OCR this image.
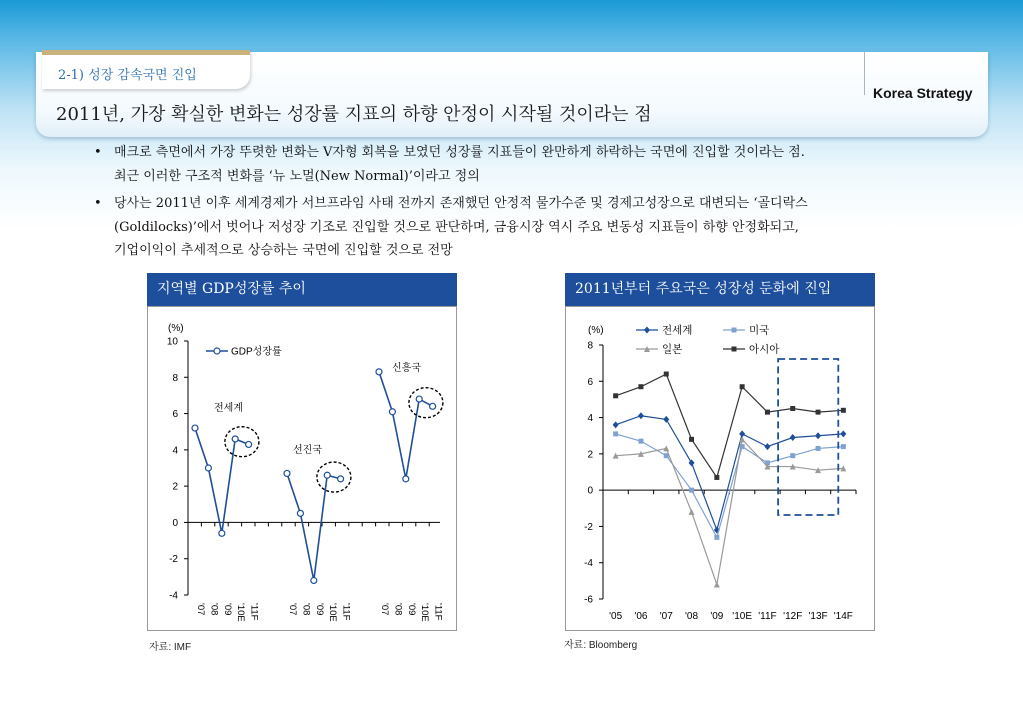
2-1) 성장 감속국면 진입
Korea Strategy
2011년, 가장 확실한 변화는 성장률 지표의 하향 안정이 시작될 것이라는 점
• 매크로 측면에서 가장 뚜렷한 변화는 V자형 회복을 보였던 성장률 지표들이 완만하게 하락하는 국면에 진입할 것이라는 점.
최근 이러한 구조적 변화를 ‘뉴 노멀(New Normal)’이라고 정의
• 당사는 2011년 이후 세계경제가 서브프라임 사태 전까지 존재했던 안정적 물가수준 및 경제고성장으로 대변되는 ‘골디락스
(Goldilocks)’에서 벗어나 저성장 기조로 진입할 것으로 판단하며, 금융시장 역시 주요 변동성 지표들이 하향 안정화되고,
기업이익이 추세적으로 상승하는 국면에 진입할 것으로 전망
지역별 GDP성장률 추이
(%)
10
8
6
4
2
0
-2
-4
GDP성장률
전세계
'07 '08 '09 '10E '11F
선진국
'07 '08 '09 '10E '11F
신흥국
'07 '08 '09 '10E '11F
자료: IMF
2011년부터 주요국은 성장성 둔화에 진입
(%)
8
6
4
2
0
-2
-4
-6
'05 '06 '07 '08 '09 '10E '11F '12F '13F '14F
전세계	미국
일본	아시아
자료: Bloomberg
